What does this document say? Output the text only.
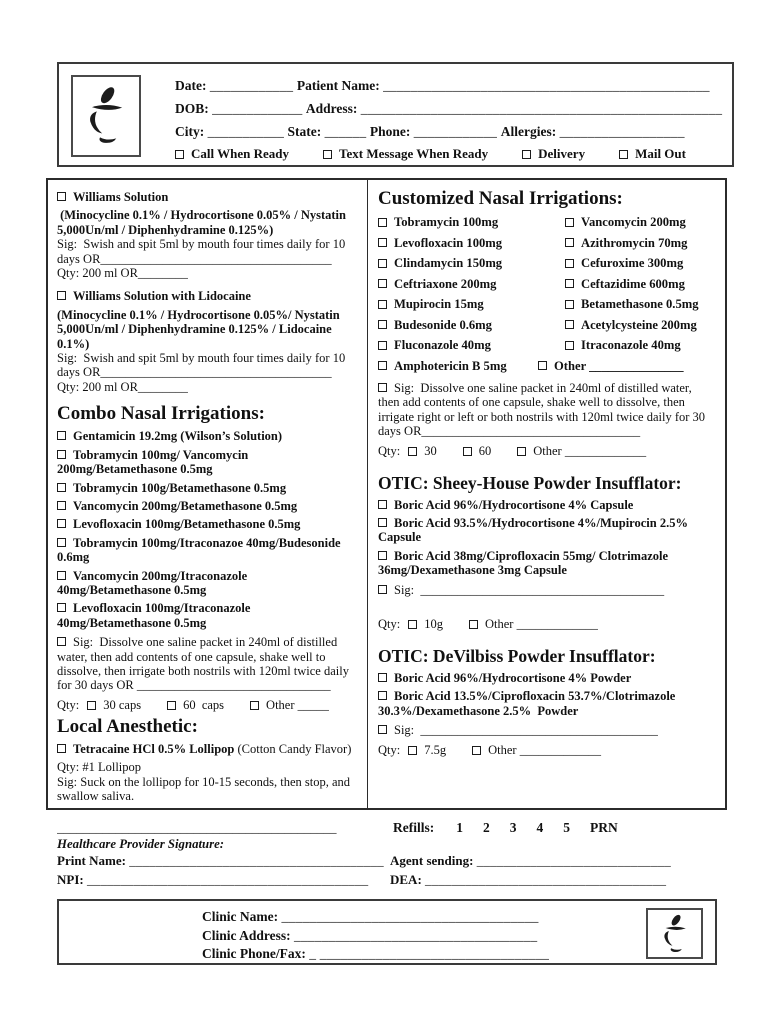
Date: ____________ Patient Name: _______________________________________________
DOB: _____________ Address: ____________________________________________________
City: ___________ State: ______ Phone: ____________ Allergies: __________________
Call When Ready	Text Message When Ready	Delivery	Mail Out
Williams Solution
(Minocycline 0.1% / Hydrocortisone 0.05% / Nystatin 5,000Un/ml / Diphenhydramine 0.125%)
Sig:  Swish and spit 5ml by mouth four times daily for 10 days OR_____________________________________
Qty: 200 ml OR________
Williams Solution with Lidocaine
(Minocycline 0.1% / Hydrocortisone 0.05%/ Nystatin 5,000Un/ml / Diphenhydramine 0.125% / Lidocaine 0.1%)
Sig:  Swish and spit 5ml by mouth four times daily for 10 days OR_____________________________________
Qty: 200 ml OR________
Combo Nasal Irrigations:
Gentamicin 19.2mg (Wilson’s Solution)
Tobramycin 100mg/ Vancomycin 200mg/Betamethasone 0.5mg
Tobramycin 100g/Betamethasone 0.5mg
Vancomycin 200mg/Betamethasone 0.5mg
Levofloxacin 100mg/Betamethasone 0.5mg
Tobramycin 100mg/Itraconazoe 40mg/Budesonide 0.6mg
Vancomycin 200mg/Itraconazole 40mg/Betamethasone 0.5mg
Levofloxacin 100mg/Itraconazole 40mg/Betamethasone 0.5mg
Sig:  Dissolve one saline packet in 240ml of distilled water, then add contents of one capsule, shake well to dissolve, then irrigate both nostrils with 120ml twice daily for 30 days OR _______________________________
Qty: 30 caps	60  caps	Other _____
Local Anesthetic:
Tetracaine HCl 0.5% Lollipop (Cotton Candy Flavor)
Qty: #1 Lollipop
Sig: Suck on the lollipop for 10-15 seconds, then stop, and swallow saliva.
Customized Nasal Irrigations:
Tobramycin 100mg	Vancomycin 200mg
Levofloxacin 100mg	Azithromycin 70mg
Clindamycin 150mg	Cefuroxime 300mg
Ceftriaxone 200mg	Ceftazidime 600mg
Mupirocin 15mg	Betamethasone 0.5mg
Budesonide 0.6mg	Acetylcysteine 200mg
Fluconazole 40mg	Itraconazole 40mg
Amphotericin B 5mg	Other _______________
Sig:  Dissolve one saline packet in 240ml of distilled water, then add contents of one capsule, shake well to dissolve, then irrigate right or left or both nostrils with 120ml twice daily for 30 days OR___________________________________
Qty: 30	60	Other _____________
OTIC: Sheey-House Powder Insufflator:
Boric Acid 96%/Hydrocortisone 4% Capsule
Boric Acid 93.5%/Hydrocortisone 4%/Mupirocin 2.5% Capsule
Boric Acid 38mg/Ciprofloxacin 55mg/ Clotrimazole 36mg/Dexamethasone 3mg Capsule
Sig:  _______________________________________
Qty: 10g	Other _____________
OTIC: DeVilbiss Powder Insufflator:
Boric Acid 96%/Hydrocortisone 4% Powder
Boric Acid 13.5%/Ciprofloxacin 53.7%/Clotrimazole 30.3%/Dexamethasone 2.5%  Powder
Sig:  ______________________________________
Qty: 7.5g	Other _____________
___________________________________________	Refills: 1 2 3 4 5 PRN
Healthcare Provider Signature:
Print Name: ______________________________________ Agent sending: _____________________________
NPI: __________________________________________	DEA: ____________________________________
Clinic Name: _____________________________________
Clinic Address: ___________________________________
Clinic Phone/Fax: _ _________________________________
